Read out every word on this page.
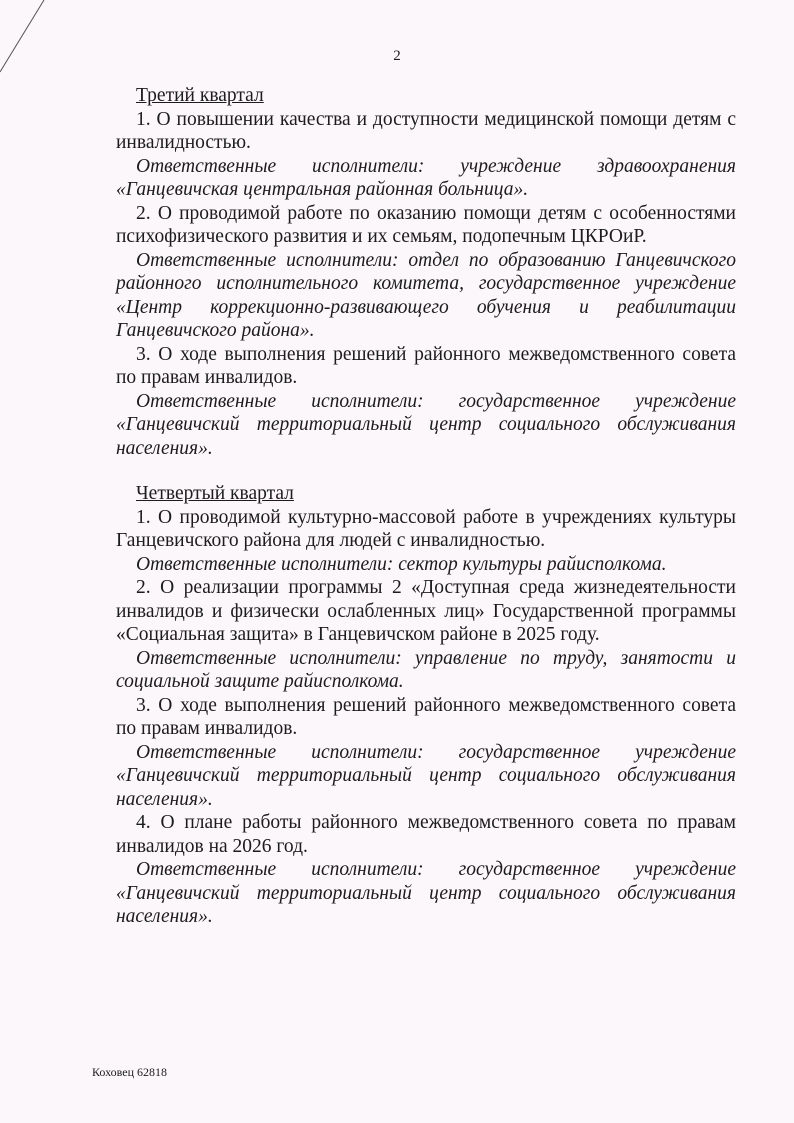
2

Третий квартал

1. О повышении качества и доступности медицинской помощи детям с инвалидностью.

Ответственные исполнители: учреждение здравоохранения «Ганцевичская центральная районная больница».

2. О проводимой работе по оказанию помощи детям с особенностями психофизического развития и их семьям, подопечным ЦКРОиР.

Ответственные исполнители: отдел по образованию Ганцевичского районного исполнительного комитета, государственное учреждение «Центр коррекционно-развивающего обучения и реабилитации Ганцевичского района».

3. О ходе выполнения решений районного межведомственного совета по правам инвалидов.

Ответственные исполнители: государственное учреждение «Ганцевичский территориальный центр социального обслуживания населения».

Четвертый квартал

1. О проводимой культурно-массовой работе в учреждениях культуры Ганцевичского района для людей с инвалидностью.

Ответственные исполнители: сектор культуры райисполкома.

2. О реализации программы 2 «Доступная среда жизнедеятельности инвалидов и физически ослабленных лиц» Государственной программы «Социальная защита» в Ганцевичском районе в 2025 году.

Ответственные исполнители: управление по труду, занятости и социальной защите райисполкома.

3. О ходе выполнения решений районного межведомственного совета по правам инвалидов.

Ответственные исполнители: государственное учреждение «Ганцевичский территориальный центр социального обслуживания населения».

4. О плане работы районного межведомственного совета по правам инвалидов на 2026 год.

Ответственные исполнители: государственное учреждение «Ганцевичский территориальный центр социального обслуживания населения».

Коховец 62818
